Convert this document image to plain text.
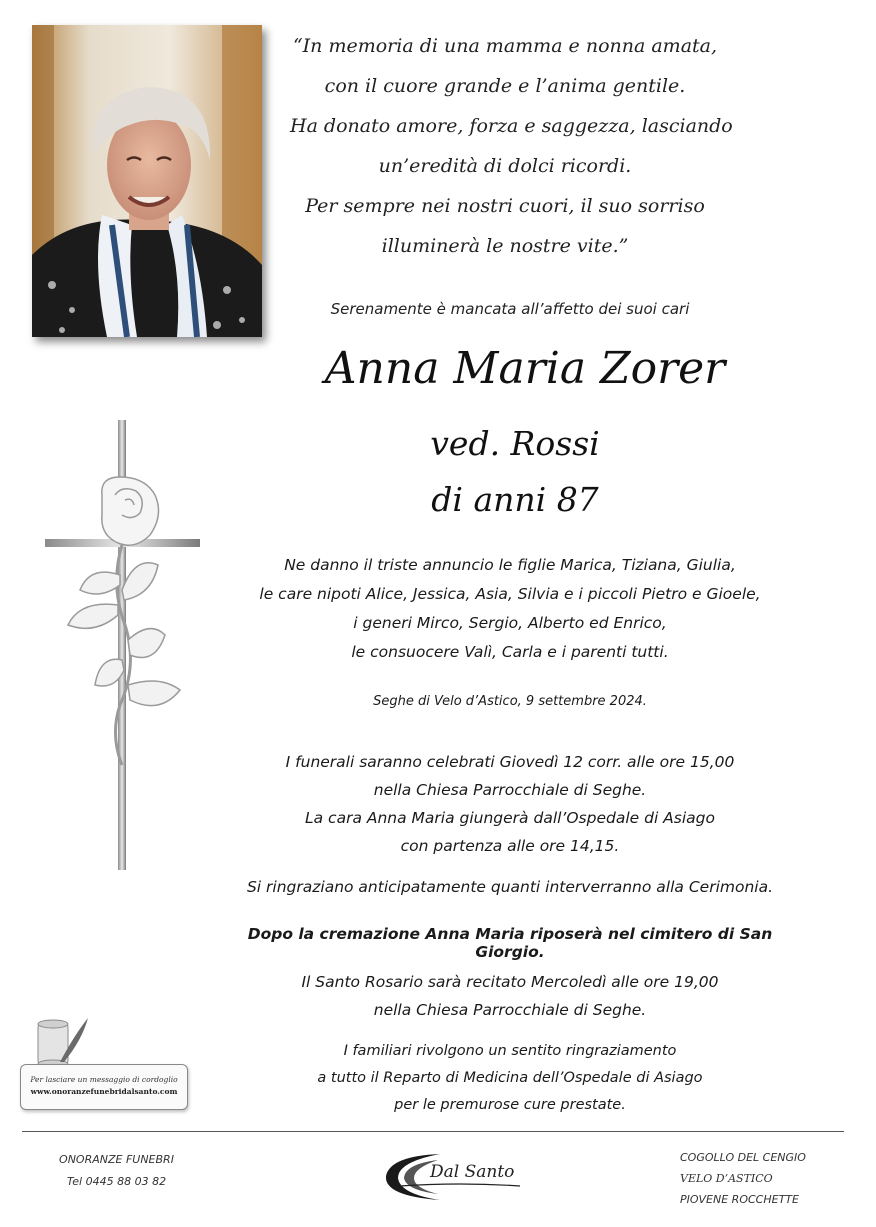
“In memoria di una mamma e nonna amata,
con il cuore grande e l’anima gentile.
Ha donato amore, forza e saggezza, lasciando
un’eredità di dolci ricordi.
Per sempre nei nostri cuori, il suo sorriso
illuminerà le nostre vite.”
Serenamente è mancata all’affetto dei suoi cari
Anna Maria Zorer
ved. Rossi
di anni 87
Ne danno il triste annuncio le figlie Marica, Tiziana, Giulia,
le care nipoti Alice, Jessica, Asia, Silvia e i piccoli Pietro e Gioele,
i generi Mirco, Sergio, Alberto ed Enrico,
le consuocere Valì, Carla e i parenti tutti.
Seghe di Velo d’Astico, 9 settembre 2024.
I funerali saranno celebrati Giovedì 12 corr. alle ore 15,00
nella Chiesa Parrocchiale di Seghe.
La cara Anna Maria giungerà dall’Ospedale di Asiago
con partenza alle ore 14,15.
Si ringraziano anticipatamente quanti interverranno alla Cerimonia.
Dopo la cremazione Anna Maria riposerà nel cimitero di San Giorgio.
Il Santo Rosario sarà recitato Mercoledì alle ore 19,00
nella Chiesa Parrocchiale di Seghe.
I familiari rivolgono un sentito ringraziamento
a tutto il Reparto di Medicina dell’Ospedale di Asiago
per le premurose cure prestate.
Per lasciare un messaggio di cordoglio
www.onoranzefunebridalsanto.com
ONORANZE FUNEBRI
Tel 0445 88 03 82	Dal Santo
COGOLLO DEL CENGIO
VELO D’ASTICO
PIOVENE ROCCHETTE
